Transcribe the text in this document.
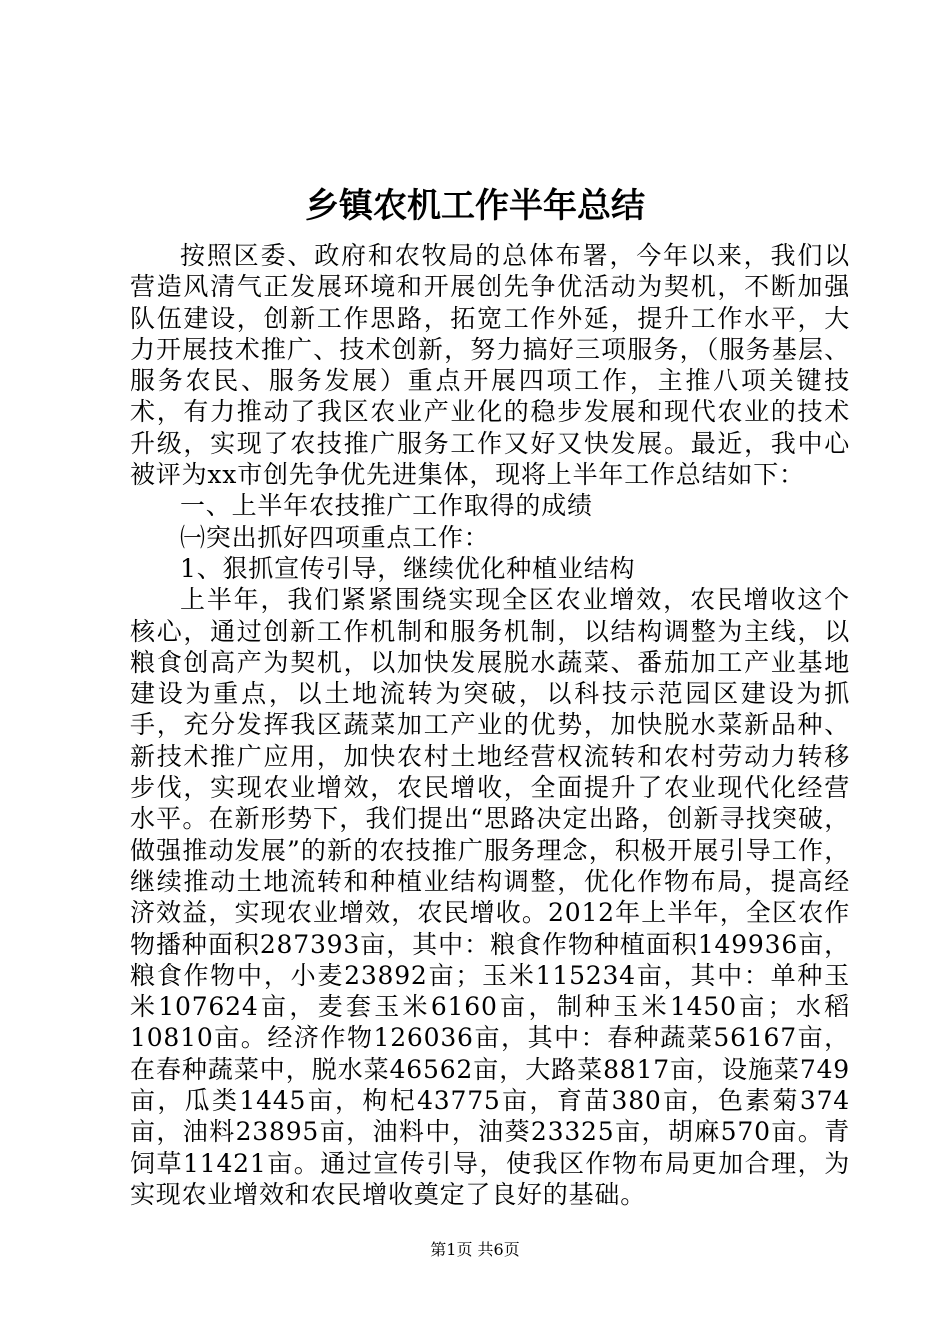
乡镇农机工作半年总结

按照区委、政府和农牧局的总体布署，今年以来，我们以营造风清气正发展环境和开展创先争优活动为契机，不断加强队伍建设，创新工作思路，拓宽工作外延，提升工作水平，大力开展技术推广、技术创新，努力搞好三项服务，（服务基层、服务农民、服务发展）重点开展四项工作，主推八项关键技术，有力推动了我区农业产业化的稳步发展和现代农业的技术升级，实现了农技推广服务工作又好又快发展。最近，我中心被评为xx市创先争优先进集体，现将上半年工作总结如下：

一、上半年农技推广工作取得的成绩

㈠突出抓好四项重点工作：

1、狠抓宣传引导，继续优化种植业结构

上半年，我们紧紧围绕实现全区农业增效，农民增收这个核心，通过创新工作机制和服务机制，以结构调整为主线，以粮食创高产为契机，以加快发展脱水蔬菜、番茄加工产业基地建设为重点，以土地流转为突破，以科技示范园区建设为抓手，充分发挥我区蔬菜加工产业的优势，加快脱水菜新品种、新技术推广应用，加快农村土地经营权流转和农村劳动力转移步伐，实现农业增效，农民增收，全面提升了农业现代化经营水平。在新形势下，我们提出“思路决定出路，创新寻找突破，做强推动发展”的新的农技推广服务理念，积极开展引导工作，继续推动土地流转和种植业结构调整，优化作物布局，提高经济效益，实现农业增效，农民增收。2012年上半年，全区农作物播种面积287393亩，其中：粮食作物种植面积149936亩，粮食作物中，小麦23892亩；玉米115234亩，其中：单种玉米107624亩，麦套玉米6160亩，制种玉米1450亩；水稻10810亩。经济作物126036亩，其中：春种蔬菜56167亩，在春种蔬菜中，脱水菜46562亩，大路菜8817亩，设施菜749亩，瓜类1445亩，枸杞43775亩，育苗380亩，色素菊374亩，油料23895亩，油料中，油葵23325亩，胡麻570亩。青饲草11421亩。通过宣传引导，使我区作物布局更加合理，为实现农业增效和农民增收奠定了良好的基础。

第1页 共6页
